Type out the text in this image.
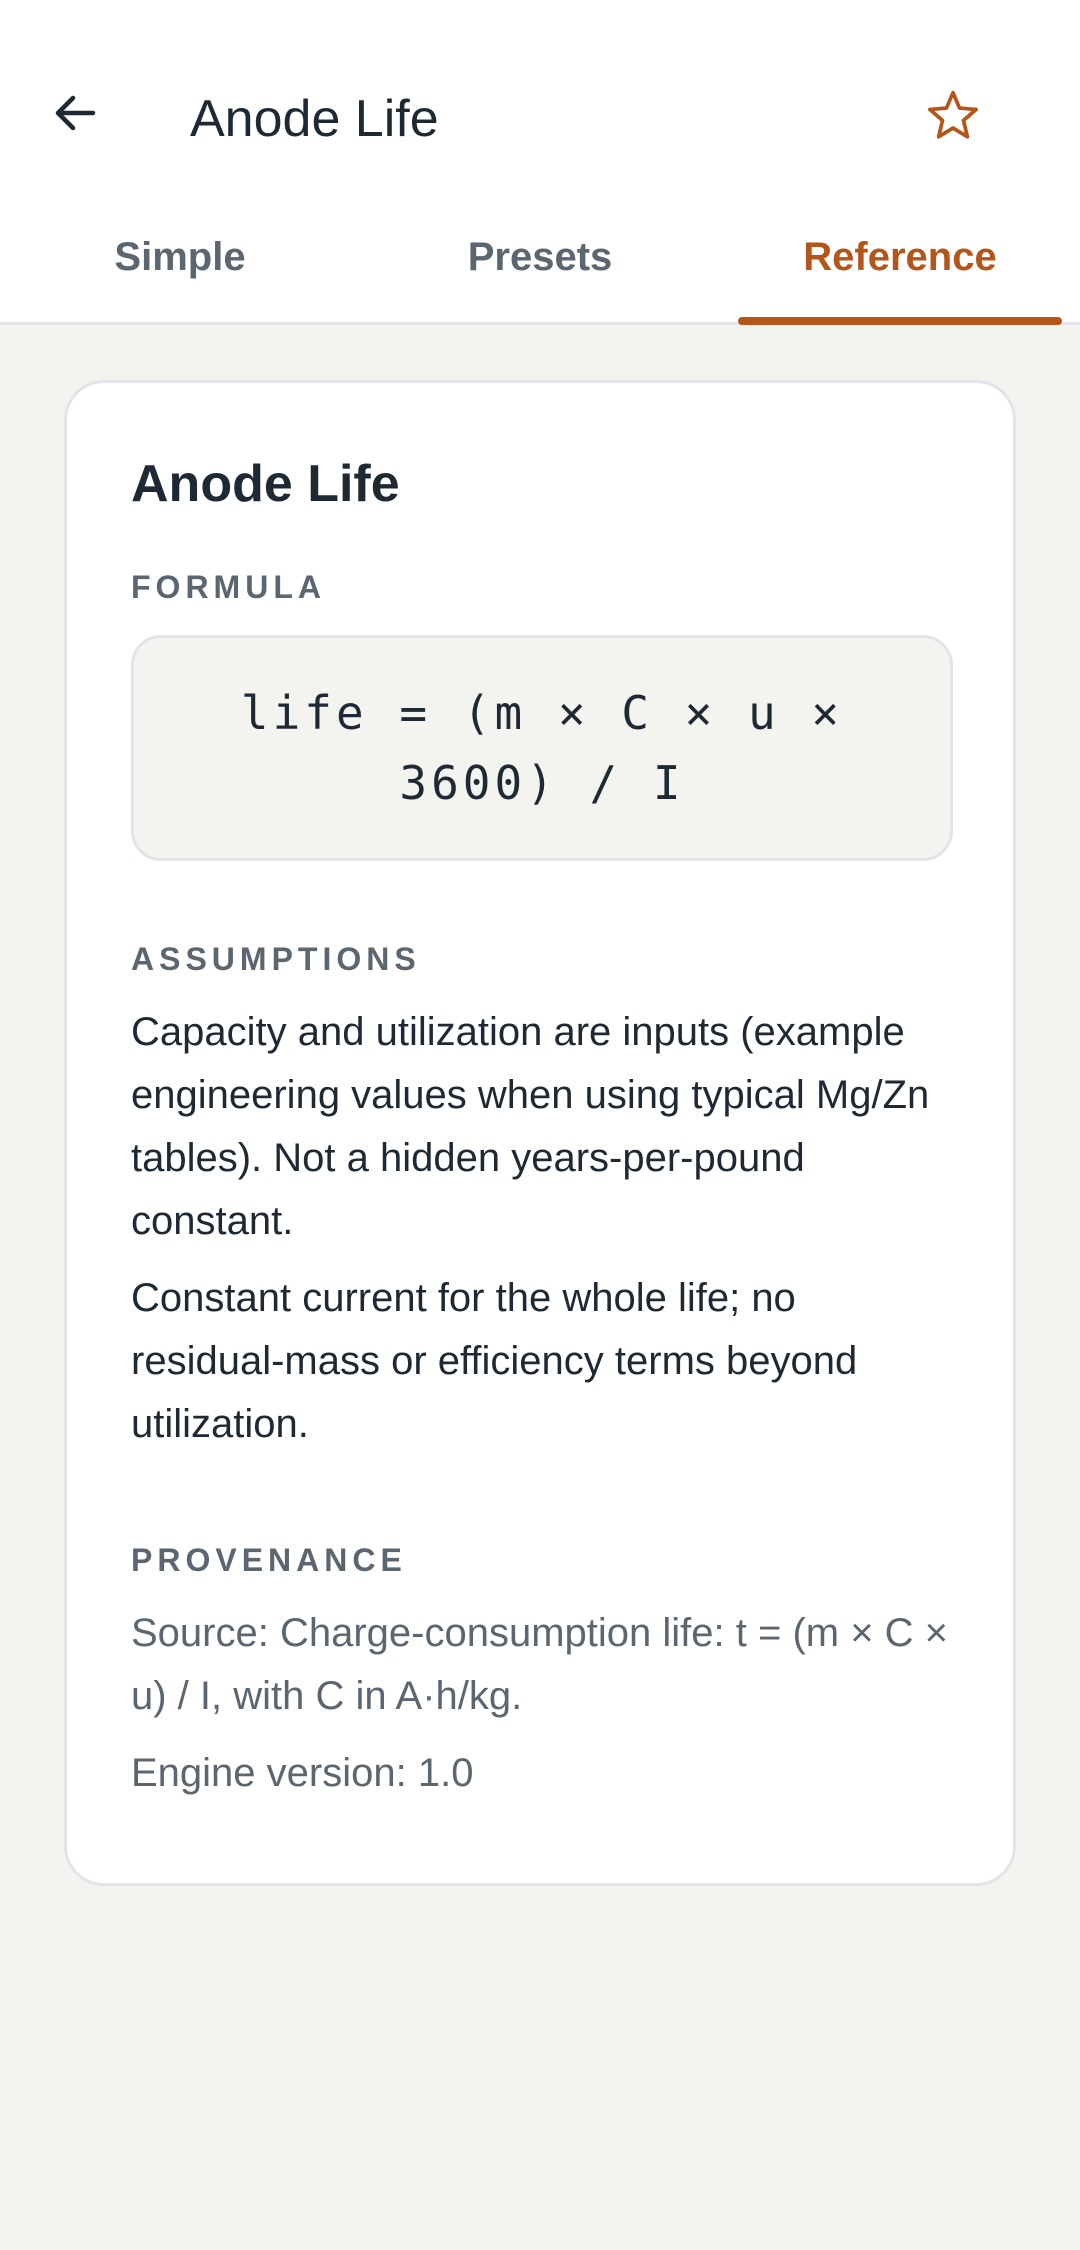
Anode Life
Simple	Presets	Reference
Anode Life
FORMULA
life = (m × C × u × 3600) / I
ASSUMPTIONS

Capacity and utilization are inputs (example engineering values when using typical Mg/Zn tables). Not a hidden years-per-pound constant.

Constant current for the whole life; no residual-mass or efficiency terms beyond utilization.

PROVENANCE

Source: Charge-consumption life: t = (m × C × u) / I, with C in A·h/kg.

Engine version: 1.0
